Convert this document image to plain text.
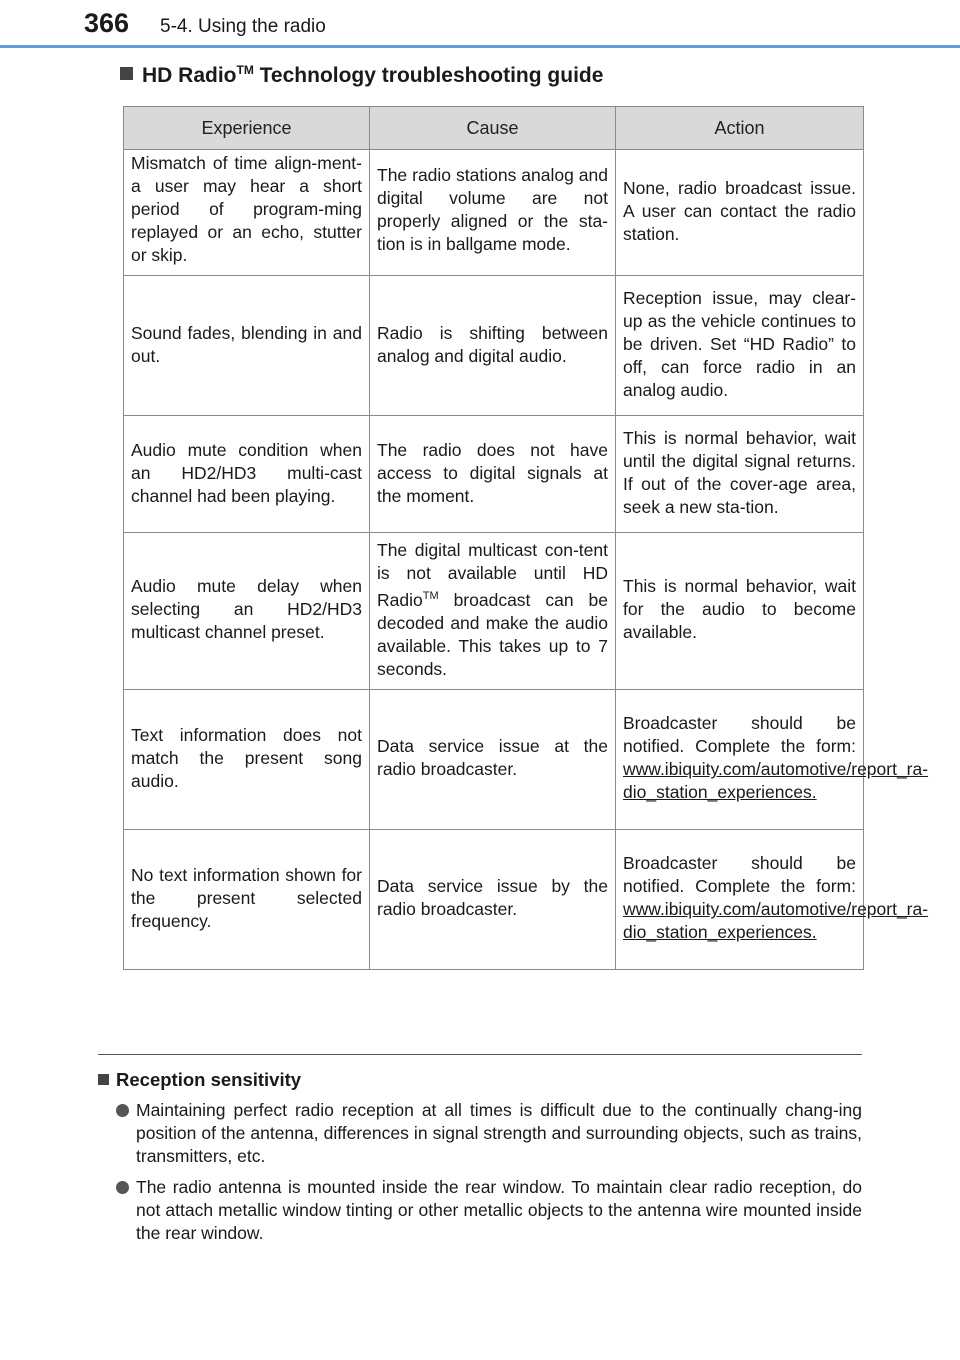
366 5-4. Using the radio
HD Radio™ Technology troubleshooting guide
Experience	Cause	Action
Mismatch of time align-ment- a user may hear a short period of program-ming replayed or an echo, stutter or skip.	The radio stations analog and digital volume are not properly aligned or the sta-tion is in ballgame mode.	None, radio broadcast issue. A user can contact the radio station.
Sound fades, blending in and out.	Radio is shifting between analog and digital audio.	Reception issue, may clear-up as the vehicle continues to be driven. Set “HD Radio” to off, can force radio in an analog audio.
Audio mute condition when an HD2/HD3 multi-cast channel had been playing.	The radio does not have access to digital signals at the moment.	This is normal behavior, wait until the digital signal returns. If out of the cover-age area, seek a new sta-tion.
Audio mute delay when selecting an HD2/HD3 multicast channel preset.	The digital multicast con-tent is not available until HD Radio™ broadcast can be decoded and make the audio available. This takes up to 7 seconds.	This is normal behavior, wait for the audio to become available.
Text information does not match the present song audio.	Data service issue at the radio broadcaster.	Broadcaster should be notified. Complete the form: www.ibiquity.com/automotive/report_ra-dio_station_experiences.
No text information shown for the present selected frequency.	Data service issue by the radio broadcaster.	Broadcaster should be notified. Complete the form: www.ibiquity.com/automotive/report_ra-dio_station_experiences.
Reception sensitivity
Maintaining perfect radio reception at all times is difficult due to the continually chang-ing position of the antenna, differences in signal strength and surrounding objects, such as trains, transmitters, etc.
The radio antenna is mounted inside the rear window. To maintain clear radio reception, do not attach metallic window tinting or other metallic objects to the antenna wire mounted inside the rear window.
